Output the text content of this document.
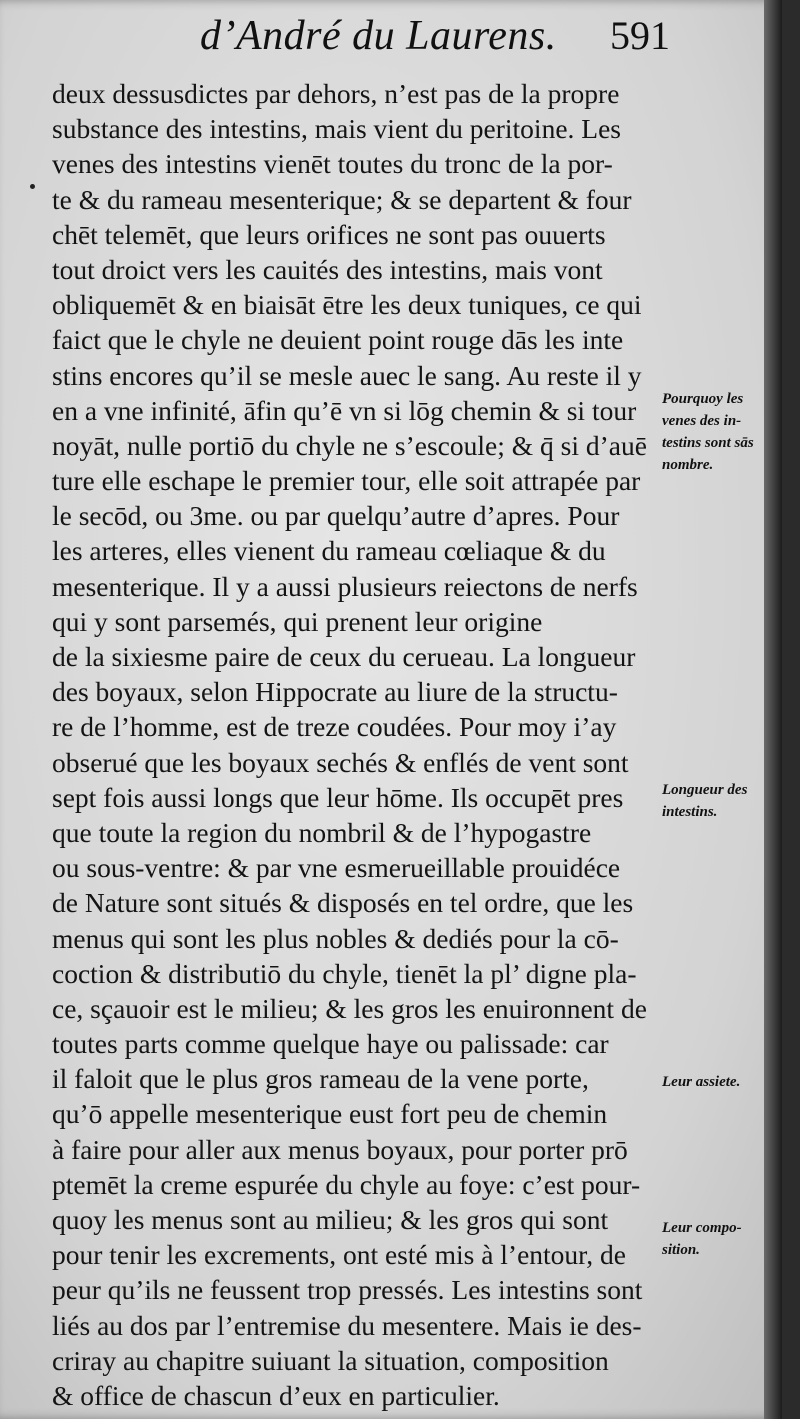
d’André du Laurens. 591
deux dessusdictes par dehors, n’est pas de la propre
substance des intestins, mais vient du peritoine. Les
venes des intestins vienēt toutes du tronc de la por-
te & du rameau mesenterique; & se departent & four
chēt telemēt, que leurs orifices ne sont pas ouuerts
tout droict vers les cauités des intestins, mais vont
obliquemēt & en biaisāt ētre les deux tuniques, ce qui
faict que le chyle ne deuient point rouge dās les inte
stins encores qu’il se mesle auec le sang. Au reste il y
en a vne infinité, āfin qu’ē vn si lōg chemin & si tour
noyāt, nulle portiō du chyle ne s’escoule; & q̄ si d’auē
ture elle eschape le premier tour, elle soit attrapée par
le secōd, ou 3me. ou par quelqu’autre d’apres. Pour
les arteres, elles vienent du rameau cœliaque & du
mesenterique. Il y a aussi plusieurs reiectons de nerfs
qui y sont parsemés, qui prenent leur origine
de la sixiesme paire de ceux du cerueau. La longueur
des boyaux, selon Hippocrate au liure de la structu-
re de l’homme, est de treze coudées. Pour moy i’ay
obserué que les boyaux sechés & enflés de vent sont
sept fois aussi longs que leur hōme. Ils occupēt pres
que toute la region du nombril & de l’hypogastre
ou sous-ventre: & par vne esmerueillable prouidéce
de Nature sont situés & disposés en tel ordre, que les
menus qui sont les plus nobles & dediés pour la cō-
coction & distributiō du chyle, tienēt la pl’ digne pla-
ce, sçauoir est le milieu; & les gros les enuironnent de
toutes parts comme quelque haye ou palissade: car
il faloit que le plus gros rameau de la vene porte,
qu’ō appelle mesenterique eust fort peu de chemin
à faire pour aller aux menus boyaux, pour porter prō
ptemēt la creme espurée du chyle au foye: c’est pour-
quoy les menus sont au milieu; & les gros qui sont
pour tenir les excrements, ont esté mis à l’entour, de
peur qu’ils ne feussent trop pressés. Les intestins sont
liés au dos par l’entremise du mesentere. Mais ie des-
criray au chapitre suiuant la situation, composition
& office de chascun d’eux en particulier.
Pourquoy les
venes des in-
testins sont sās
nombre.
Longueur des
intestins.
Leur assiete.
Leur compo-
sition.
